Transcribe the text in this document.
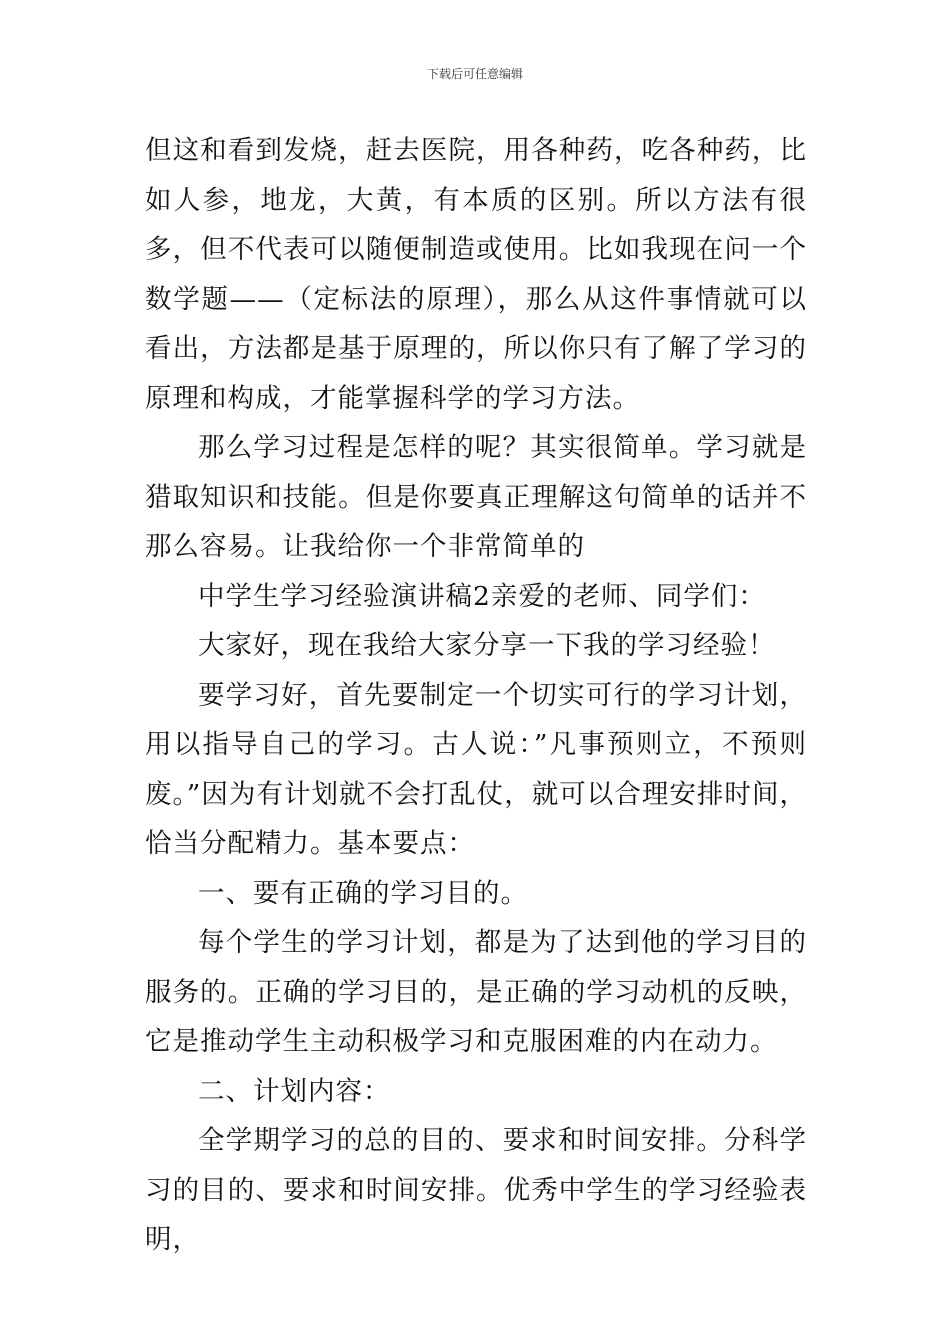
下载后可任意编辑

但这和看到发烧，赶去医院，用各种药，吃各种药，比如人参，地龙，大黄，有本质的区别。所以方法有很多，但不代表可以随便制造或使用。比如我现在问一个数学题——（定标法的原理），那么从这件事情就可以看出，方法都是基于原理的，所以你只有了解了学习的原理和构成，才能掌握科学的学习方法。

那么学习过程是怎样的呢？其实很简单。学习就是猎取知识和技能。但是你要真正理解这句简单的话并不那么容易。让我给你一个非常简单的

中学生学习经验演讲稿2亲爱的老师、同学们：

大家好，现在我给大家分享一下我的学习经验！

要学习好，首先要制定一个切实可行的学习计划，用以指导自己的学习。古人说：”凡事预则立，不预则废。”因为有计划就不会打乱仗，就可以合理安排时间，恰当分配精力。基本要点：

一、要有正确的学习目的。

每个学生的学习计划，都是为了达到他的学习目的服务的。正确的学习目的，是正确的学习动机的反映，它是推动学生主动积极学习和克服困难的内在动力。

二、计划内容：

全学期学习的总的目的、要求和时间安排。分科学习的目的、要求和时间安排。优秀中学生的学习经验表明，
